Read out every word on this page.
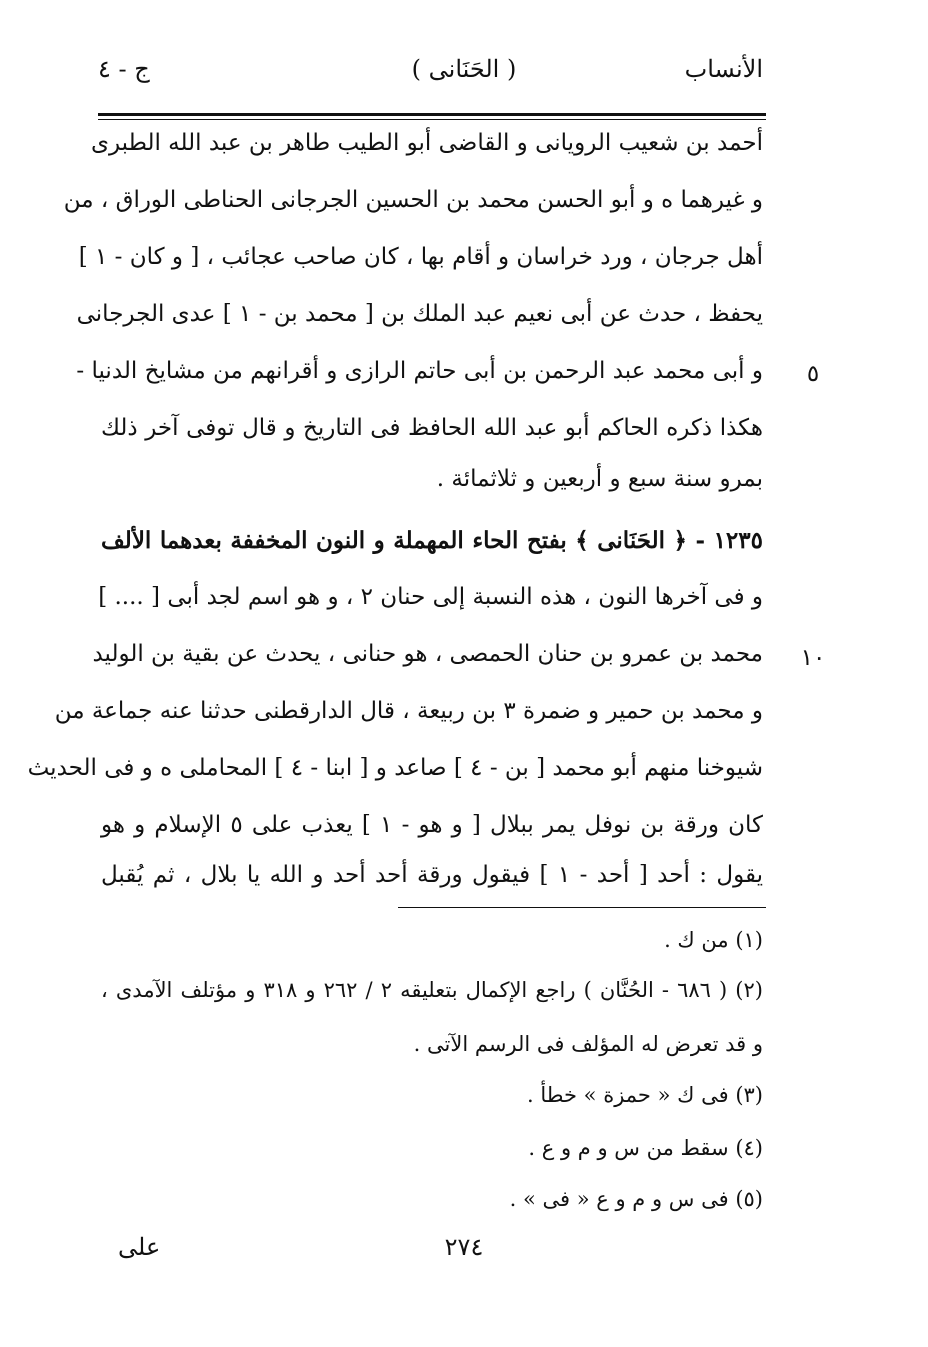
الأنساب
( الحَنَانى )
ج - ٤
أحمد بن شعيب الرويانى و القاضى أبو الطيب طاهر بن عبد الله الطبرى
و غيرهما ه و أبو الحسن محمد بن الحسين الجرجانى الحناطى الوراق ، من
أهل جرجان ، ورد خراسان و أقام بها ، كان صاحب عجائب ، [ و كان - ١ ]
يحفظ ، حدث عن أبى نعيم عبد الملك بن [ محمد بن - ١ ] عدى الجرجانى
و أبى محمد عبد الرحمن بن أبى حاتم الرازى و أقرانهم من مشايخ الدنيا -
هكذا ذكره الحاكم أبو عبد الله الحافظ فى التاريخ و قال توفى آخر ذلك
بمرو سنة سبع و أربعين و ثلاثمائة .
١٢٣٥ - ﴿ الحَنَانى ﴾ بفتح الحاء المهملة و النون المخففة بعدهما الألف
و فى آخرها النون ، هذه النسبة إلى حنان ٢ ، و هو اسم لجد أبى [ .... ]
محمد بن عمرو بن حنان الحمصى ، هو حنانى ، يحدث عن بقية بن الوليد
و محمد بن حمير و ضمرة ٣ بن ربيعة ، قال الدارقطنى حدثنا عنه جماعة من
شيوخنا منهم أبو محمد [ بن - ٤ ] صاعد و [ ابنا - ٤ ] المحاملى ه و فى الحديث
كان ورقة بن نوفل يمر ببلال [ و هو - ١ ] يعذب على ٥ الإسلام و هو
يقول : أحد [ أحد - ١ ] فيقول ورقة أحد أحد و الله يا بلال ، ثم يُقبل
٥
١٠
(١) من ك .
(٢) ( ٦٨٦ - الحُنَّان ) راجع الإكمال بتعليقه ٢ / ٢٦٢ و ٣١٨ و مؤتلف الآمدى ،
و قد تعرض له المؤلف فى الرسم الآتى .
(٣) فى ك « حمزة » خطأ .
(٤) سقط من س و م و ع .
(٥) فى س و م و ع « فى » .
٢٧٤
على
